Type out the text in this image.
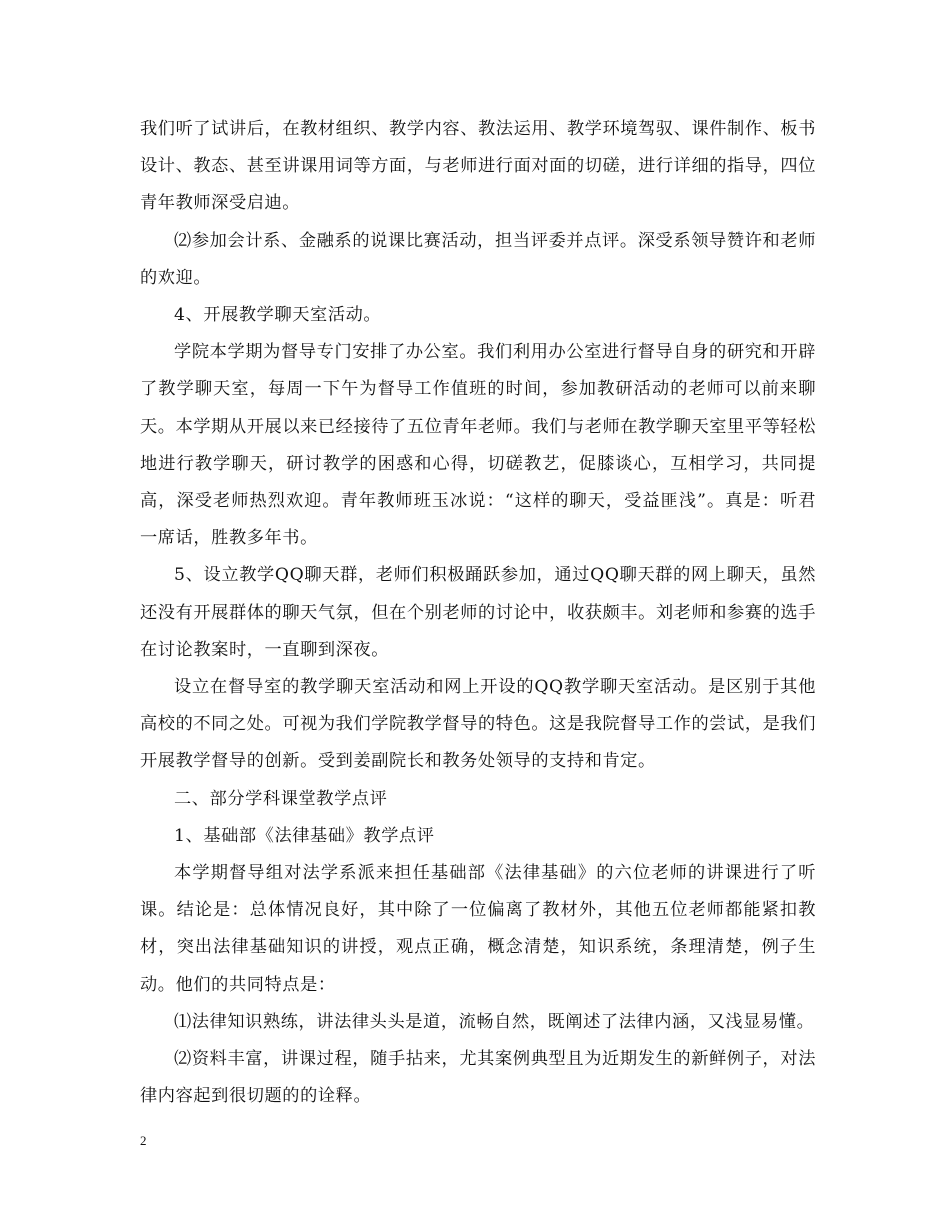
我们听了试讲后，在教材组织、教学内容、教法运用、教学环境驾驭、课件制作、板书设计、教态、甚至讲课用词等方面，与老师进行面对面的切磋，进行详细的指导，四位青年教师深受启迪。

⑵参加会计系、金融系的说课比赛活动，担当评委并点评。深受系领导赞许和老师的欢迎。

4、开展教学聊天室活动。

学院本学期为督导专门安排了办公室。我们利用办公室进行督导自身的研究和开辟了教学聊天室，每周一下午为督导工作值班的时间，参加教研活动的老师可以前来聊天。本学期从开展以来已经接待了五位青年老师。我们与老师在教学聊天室里平等轻松地进行教学聊天，研讨教学的困惑和心得，切磋教艺，促膝谈心，互相学习，共同提高，深受老师热烈欢迎。青年教师班玉冰说：“这样的聊天，受益匪浅”。真是：听君一席话，胜教多年书。

5、设立教学QQ聊天群，老师们积极踊跃参加，通过QQ聊天群的网上聊天，虽然还没有开展群体的聊天气氛，但在个别老师的讨论中，收获颇丰。刘老师和参赛的选手在讨论教案时，一直聊到深夜。

设立在督导室的教学聊天室活动和网上开设的QQ教学聊天室活动。是区别于其他高校的不同之处。可视为我们学院教学督导的特色。这是我院督导工作的尝试，是我们开展教学督导的创新。受到姜副院长和教务处领导的支持和肯定。

二、部分学科课堂教学点评

1、基础部《法律基础》教学点评

本学期督导组对法学系派来担任基础部《法律基础》的六位老师的讲课进行了听课。结论是：总体情况良好，其中除了一位偏离了教材外，其他五位老师都能紧扣教材，突出法律基础知识的讲授，观点正确，概念清楚，知识系统，条理清楚，例子生动。他们的共同特点是：

⑴法律知识熟练，讲法律头头是道，流畅自然，既阐述了法律内涵，又浅显易懂。

⑵资料丰富，讲课过程，随手拈来，尤其案例典型且为近期发生的新鲜例子，对法律内容起到很切题的的诠释。

2
